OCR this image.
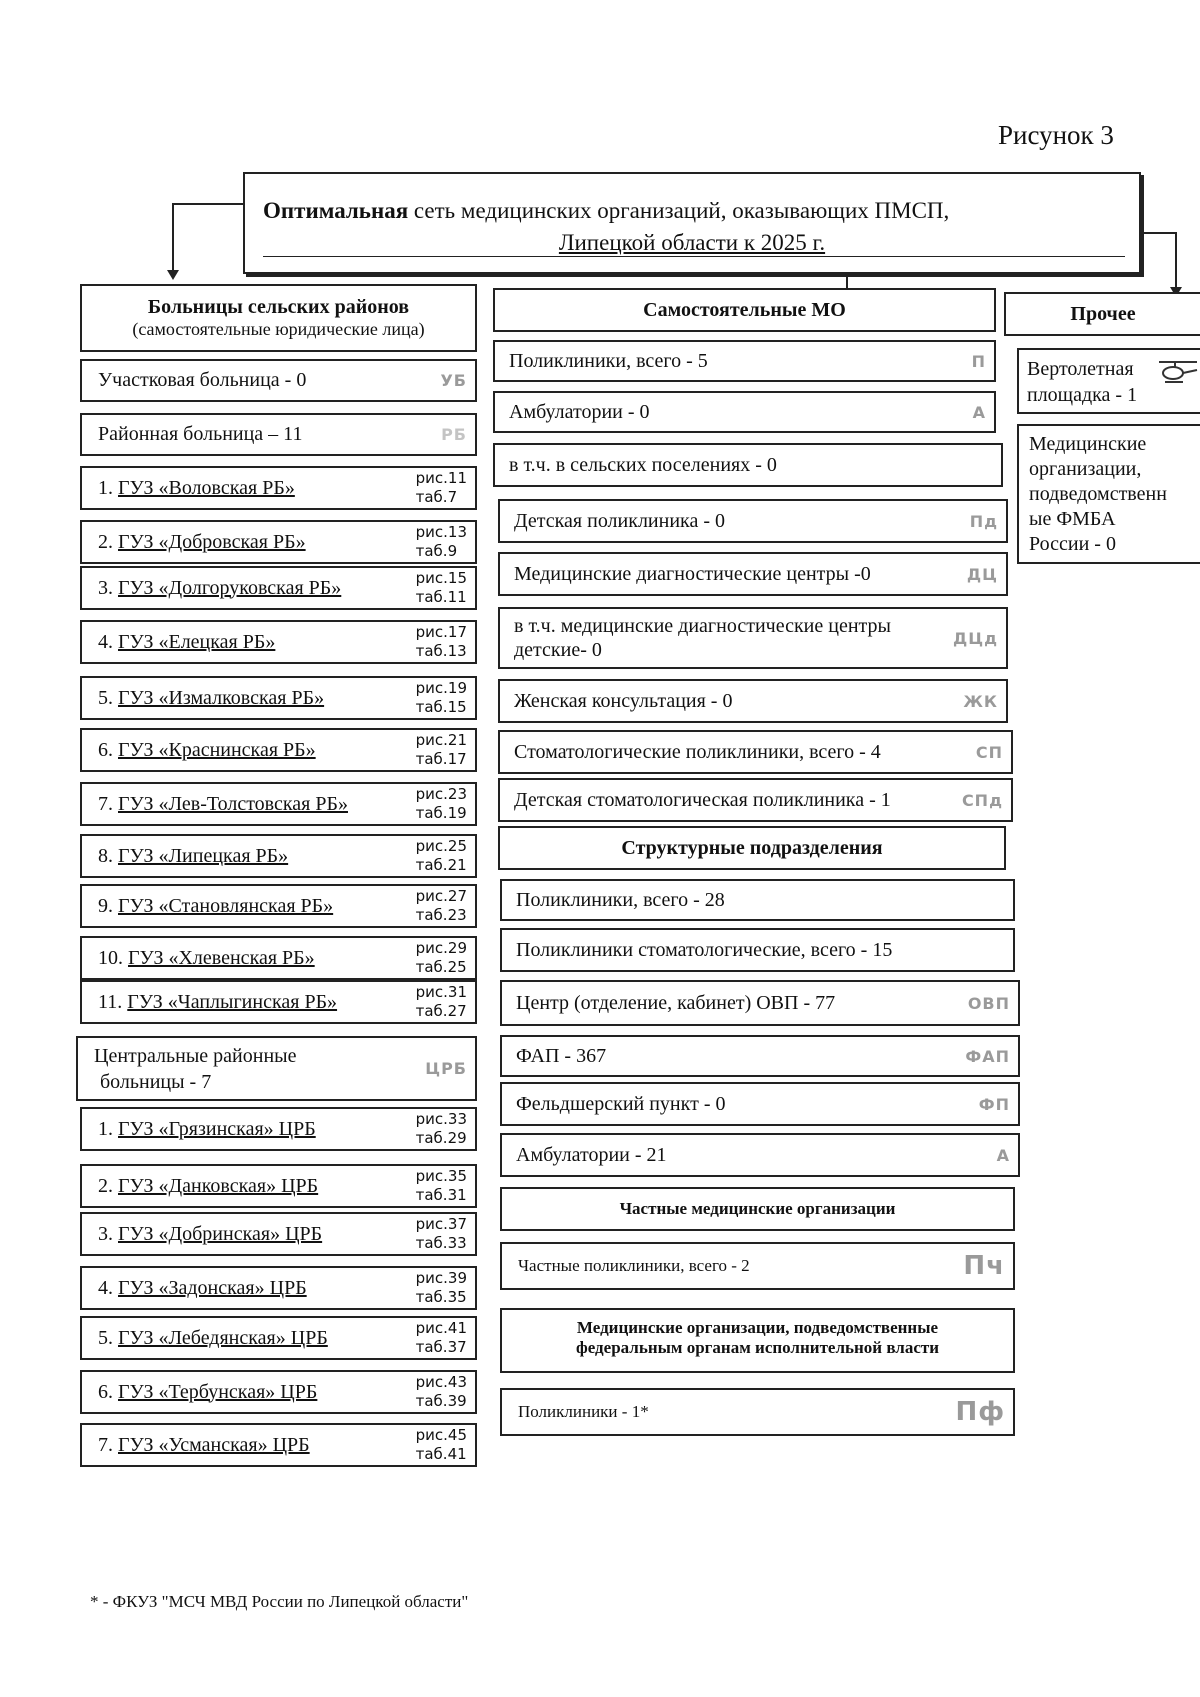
Рисунок 3
Оптимальная сеть медицинских организаций, оказывающих ПМСП,
Липецкой области к 2025 г.
Больницы сельских районов
(самостоятельные юридические лица)
Участковая больница - 0	УБ
Районная больница – 11	РБ
Центральные районные
больницы - 7
ЦРБ
Самостоятельные МО
Структурные подразделения
Частные медицинские организации
Частные поликлиники, всего - 2	Пч
Медицинские организации, подведомственные
федеральным органам исполнительной власти
Поликлиники - 1*	Пф
Прочее
Вертолетная
площадка - 1
Медицинские
организации,
подведомственн
ые ФМБА
России - 0
* - ФКУЗ "МСЧ МВД России по Липецкой области"
1. ГУЗ «Воловская РБ»	рис.11
таб.7
2. ГУЗ «Добровская РБ»	рис.13
таб.9
3. ГУЗ «Долгоруковская РБ»	рис.15
таб.11
4. ГУЗ «Елецкая РБ»	рис.17
таб.13
5. ГУЗ «Измалковская РБ»	рис.19
таб.15
6. ГУЗ «Краснинская РБ»	рис.21
таб.17
7. ГУЗ «Лев-Толстовская РБ»	рис.23
таб.19
8. ГУЗ «Липецкая РБ»	рис.25
таб.21
9. ГУЗ «Становлянская РБ»	рис.27
таб.23
10. ГУЗ «Хлевенская РБ»	рис.29
таб.25
11. ГУЗ «Чаплыгинская РБ»	рис.31
таб.27
1. ГУЗ «Грязинская» ЦРБ	рис.33
таб.29
2. ГУЗ «Данковская» ЦРБ	рис.35
таб.31
3. ГУЗ «Добринская» ЦРБ	рис.37
таб.33
4. ГУЗ «Задонская» ЦРБ	рис.39
таб.35
5. ГУЗ «Лебедянская» ЦРБ	рис.41
таб.37
6. ГУЗ «Тербунская» ЦРБ	рис.43
таб.39
7. ГУЗ «Усманская» ЦРБ	рис.45
таб.41
Поликлиники, всего - 5	П
Амбулатории - 0	А
в т.ч. в сельских поселениях - 0
Детская поликлиника - 0	Пд
Медицинские диагностические центры -0	ДЦ
в т.ч. медицинские диагностические центры детские- 0
ДЦд
Женская консультация - 0	ЖК
Стоматологические поликлиники, всего - 4	СП
Детская стоматологическая поликлиника - 1	СПд
Поликлиники, всего - 28
Поликлиники стоматологические, всего - 15
Центр (отделение, кабинет) ОВП - 77	ОВП
ФАП - 367	ФАП
Фельдшерский пункт - 0	ФП
Амбулатории - 21	А
